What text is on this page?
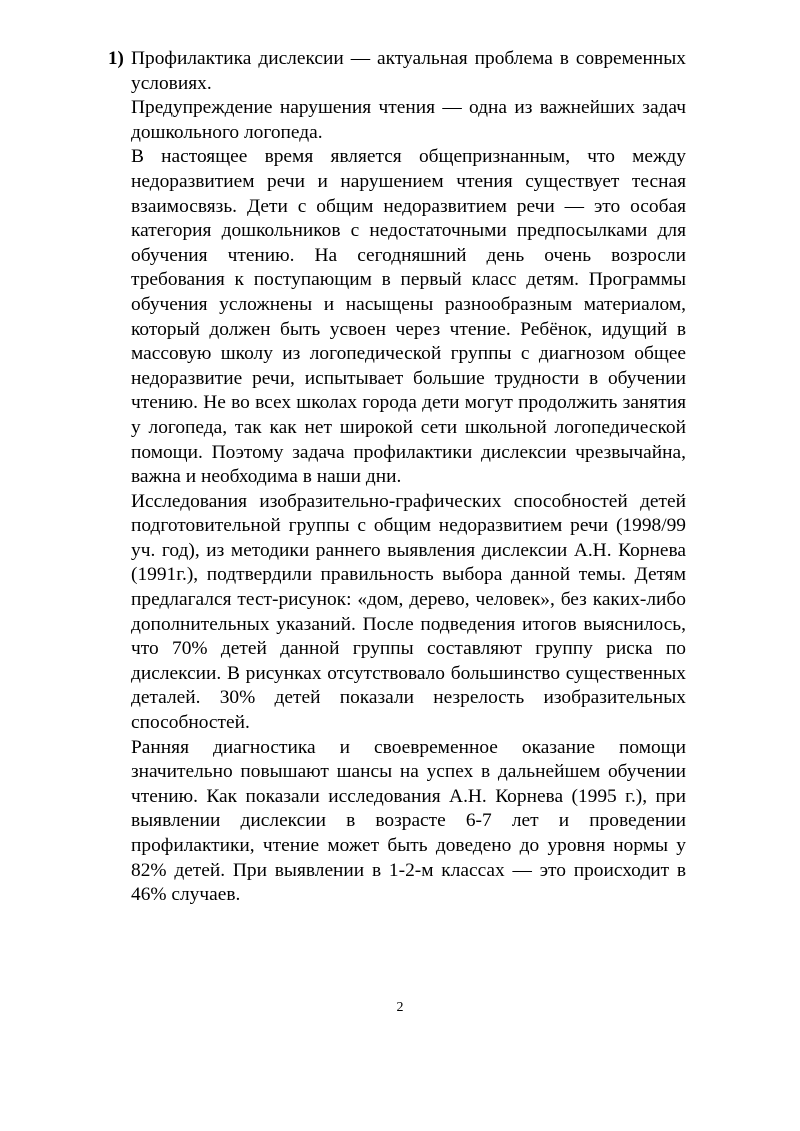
1) Профилактика дислексии — актуальная проблема в современных условиях.

Предупреждение нарушения чтения — одна из важнейших задач дошкольного логопеда.

В настоящее время является общепризнанным, что между недоразвитием речи и нарушением чтения существует тесная взаимосвязь. Дети с общим недоразвитием речи — это особая категория дошкольников с недостаточными предпосылками для обучения чтению. На сегодняшний день очень возросли требования к поступающим в первый класс детям. Программы обучения усложнены и насыщены разнообразным материалом, который должен быть усвоен через чтение. Ребёнок, идущий в массовую школу из логопедической группы с диагнозом общее недоразвитие речи, испытывает большие трудности в обучении чтению. Не во всех школах города дети могут продолжить занятия у логопеда, так как нет широкой сети школьной логопедической помощи. Поэтому задача профилактики дислексии чрезвычайна, важна и необходима в наши дни.

Исследования изобразительно-графических способностей детей подготовительной группы с общим недоразвитием речи (1998/99 уч. год), из методики раннего выявления дислексии А.Н. Корнева (1991г.), подтвердили правильность выбора данной темы. Детям предлагался тест-рисунок: «дом, дерево, человек», без каких-либо дополнительных указаний. После подведения итогов выяснилось, что 70% детей данной группы составляют группу риска по дислексии. В рисунках отсутствовало большинство существенных деталей. 30% детей показали незрелость изобразительных способностей.

Ранняя диагностика и своевременное оказание помощи значительно повышают шансы на успех в дальнейшем обучении чтению. Как показали исследования А.Н. Корнева (1995 г.), при выявлении дислексии в возрасте 6-7 лет и проведении профилактики, чтение может быть доведено до уровня нормы у 82% детей. При выявлении в 1-2-м классах — это происходит в 46% случаев.

2
